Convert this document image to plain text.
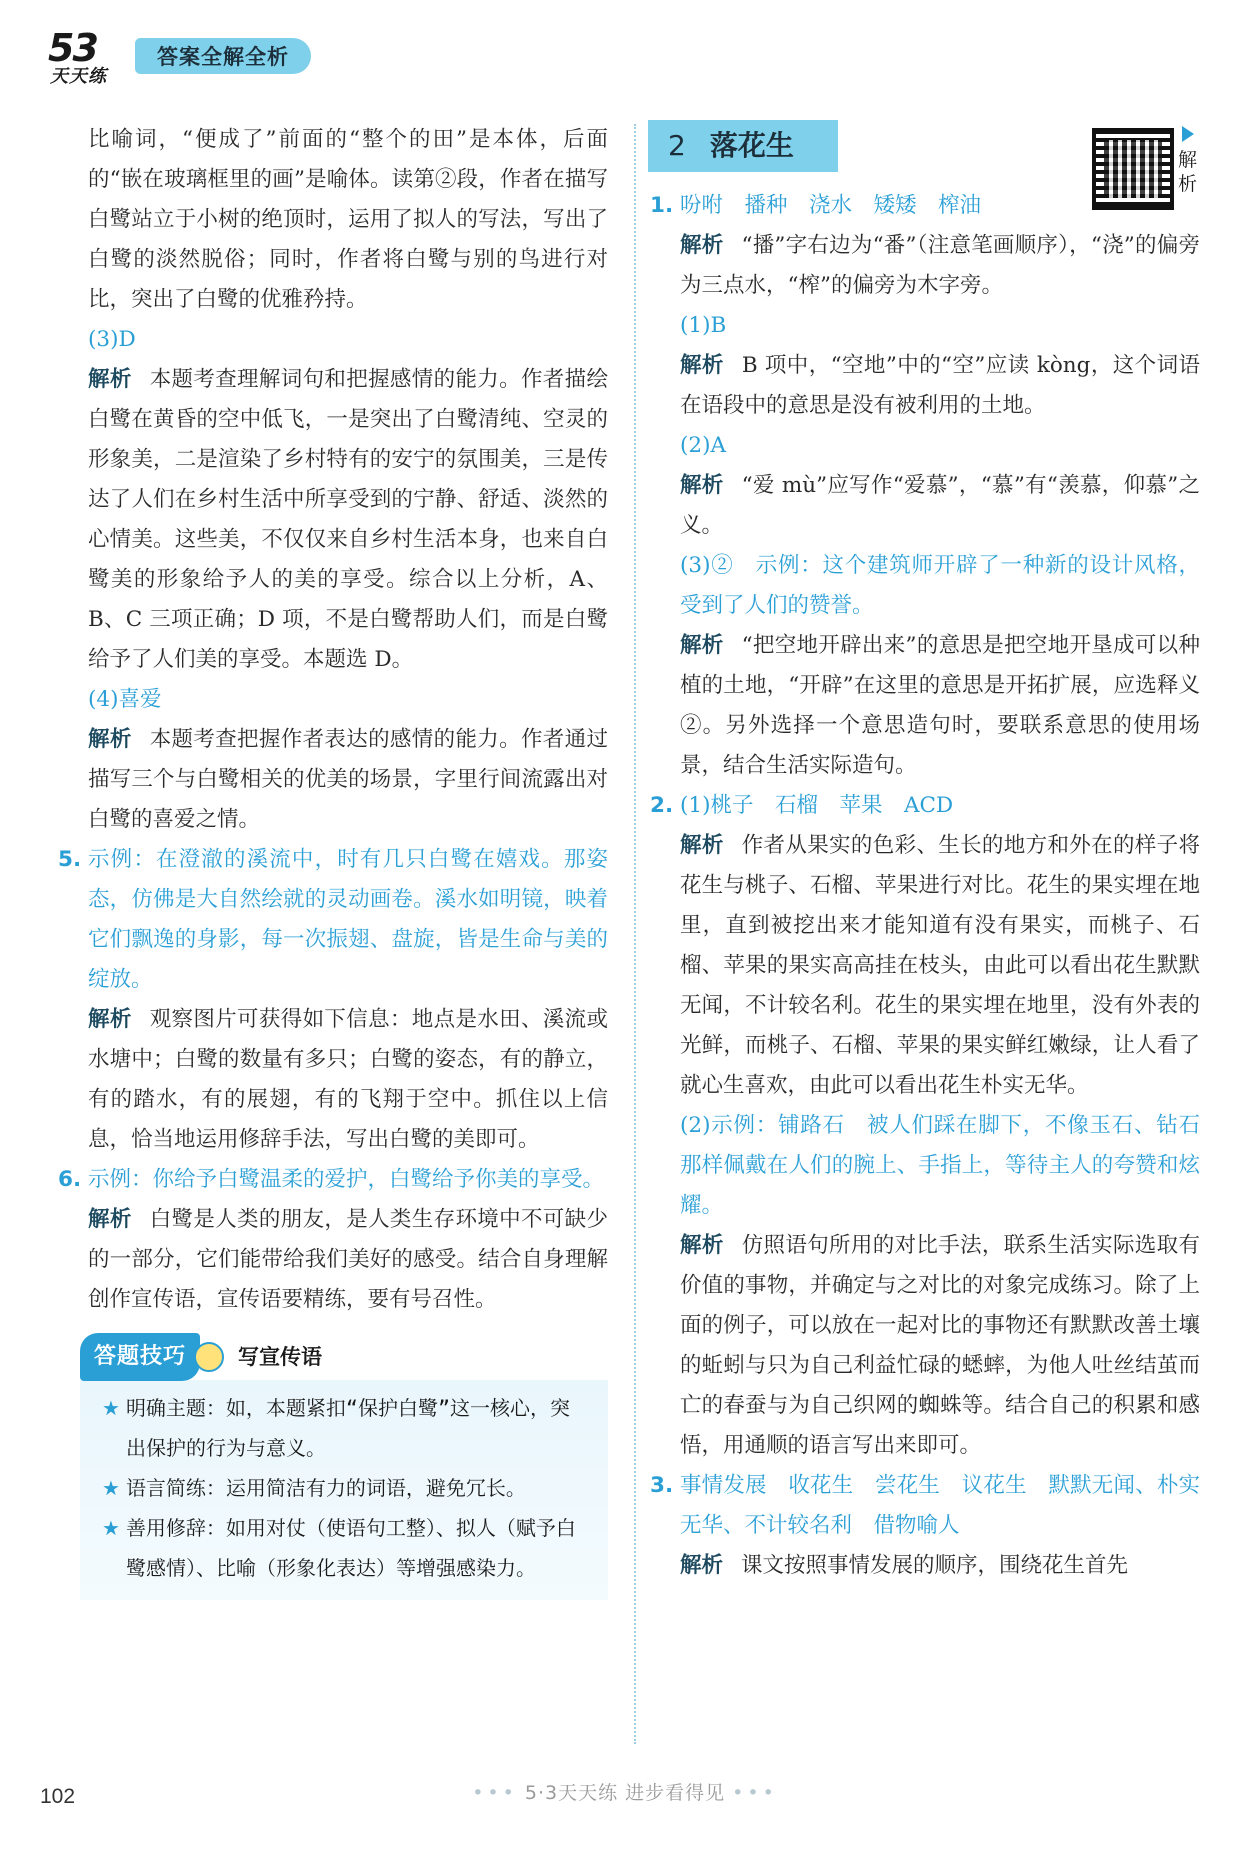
53
天天练
答案全解全析

比喻词，“便成了”前面的“整个的田”是本体，后面的“嵌在玻璃框里的画”是喻体。读第②段，作者在描写白鹭站立于小树的绝顶时，运用了拟人的写法，写出了白鹭的淡然脱俗；同时，作者将白鹭与别的鸟进行对比，突出了白鹭的优雅矜持。

(3)D

解析 本题考查理解词句和把握感情的能力。作者描绘白鹭在黄昏的空中低飞，一是突出了白鹭清纯、空灵的形象美，二是渲染了乡村特有的安宁的氛围美，三是传达了人们在乡村生活中所享受到的宁静、舒适、淡然的心情美。这些美，不仅仅来自乡村生活本身，也来自白鹭美的形象给予人的美的享受。综合以上分析，A、B、C 三项正确；D 项，不是白鹭帮助人们，而是白鹭给予了人们美的享受。本题选 D。

(4)喜爱

解析 本题考查把握作者表达的感情的能力。作者通过描写三个与白鹭相关的优美的场景，字里行间流露出对白鹭的喜爱之情。

5. 示例：在澄澈的溪流中，时有几只白鹭在嬉戏。那姿态，仿佛是大自然绘就的灵动画卷。溪水如明镜，映着它们飘逸的身影，每一次振翅、盘旋，皆是生命与美的绽放。

解析 观察图片可获得如下信息：地点是水田、溪流或水塘中；白鹭的数量有多只；白鹭的姿态，有的静立，有的踏水，有的展翅，有的飞翔于空中。抓住以上信息，恰当地运用修辞手法，写出白鹭的美即可。

6. 示例：你给予白鹭温柔的爱护，白鹭给予你美的享受。

解析 白鹭是人类的朋友，是人类生存环境中不可缺少的一部分，它们能带给我们美好的感受。结合自身理解创作宣传语，宣传语要精练，要有号召性。

答题技巧	写宣传语
★ 明确主题：如，本题紧扣“保护白鹭”这一核心，突出保护的行为与意义。
★ 语言简练：运用简洁有力的词语，避免冗长。
★ 善用修辞：如用对仗（使语句工整）、拟人（赋予白鹭感情）、比喻（形象化表达）等增强感染力。
解析
2 落花生

1. 吩咐　播种　浇水　矮矮　榨油

解析 “播”字右边为“番”（注意笔画顺序），“浇”的偏旁为三点水，“榨”的偏旁为木字旁。

(1)B

解析 B 项中，“空地”中的“空”应读 kòng，这个词语在语段中的意思是没有被利用的土地。

(2)A

解析 “爱 mù”应写作“爱慕”，“慕”有“羡慕，仰慕”之义。

(3)②　示例：这个建筑师开辟了一种新的设计风格，受到了人们的赞誉。

解析 “把空地开辟出来”的意思是把空地开垦成可以种植的土地，“开辟”在这里的意思是开拓扩展，应选释义②。另外选择一个意思造句时，要联系意思的使用场景，结合生活实际造句。

2. (1)桃子　石榴　苹果　ACD

解析 作者从果实的色彩、生长的地方和外在的样子将花生与桃子、石榴、苹果进行对比。花生的果实埋在地里，直到被挖出来才能知道有没有果实，而桃子、石榴、苹果的果实高高挂在枝头，由此可以看出花生默默无闻，不计较名利。花生的果实埋在地里，没有外表的光鲜，而桃子、石榴、苹果的果实鲜红嫩绿，让人看了就心生喜欢，由此可以看出花生朴实无华。

(2)示例：铺路石　被人们踩在脚下，不像玉石、钻石那样佩戴在人们的腕上、手指上，等待主人的夸赞和炫耀。

解析 仿照语句所用的对比手法，联系生活实际选取有价值的事物，并确定与之对比的对象完成练习。除了上面的例子，可以放在一起对比的事物还有默默改善土壤的蚯蚓与只为自己利益忙碌的蟋蟀，为他人吐丝结茧而亡的春蚕与为自己织网的蜘蛛等。结合自己的积累和感悟，用通顺的语言写出来即可。

3. 事情发展　收花生　尝花生　议花生　默默无闻、朴实无华、不计较名利　借物喻人

解析 课文按照事情发展的顺序，围绕花生首先

102	••• 5·3天天练 进步看得见 •••
